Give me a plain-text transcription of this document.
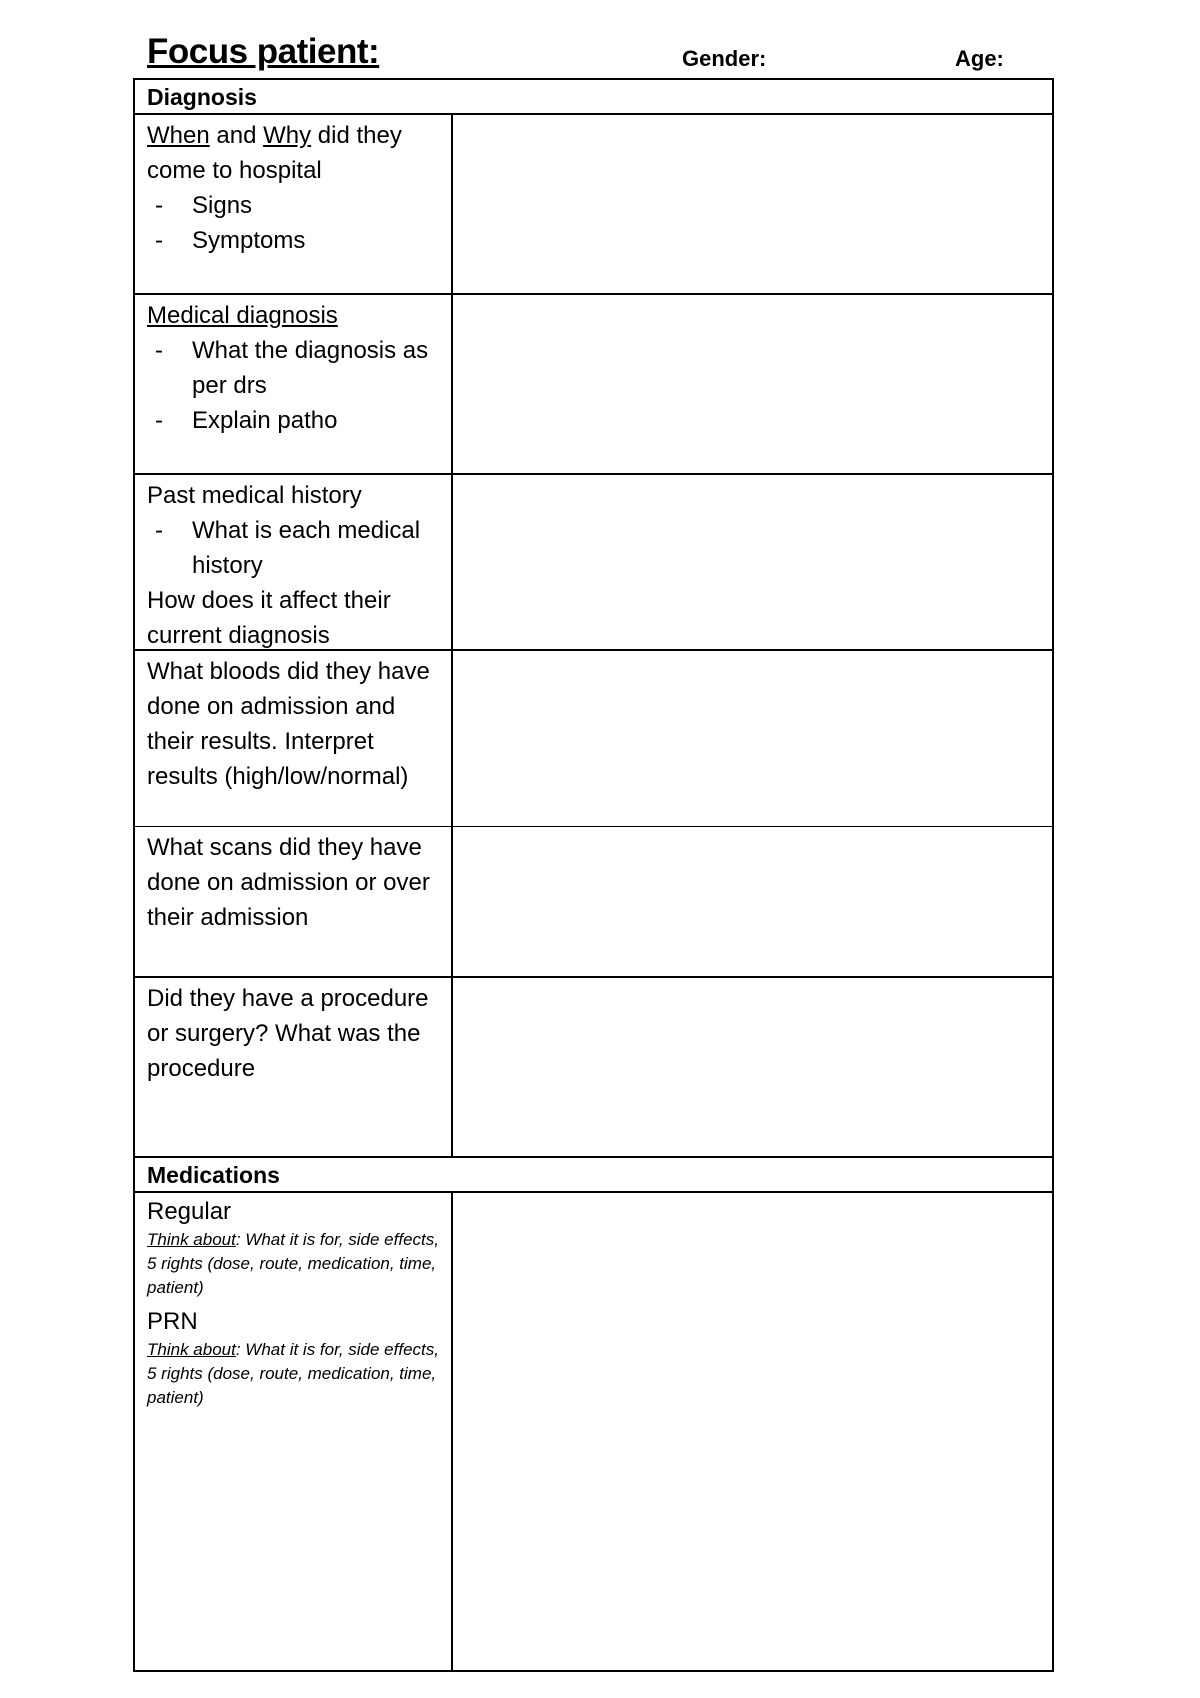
Focus patient:	Gender:	Age:
Diagnosis
When and Why did they
come to hospital
-	Signs
-	Symptoms
Medical diagnosis
-	What the diagnosis as per drs
-	Explain patho
Past medical history
-	What is each medical history
How does it affect their current diagnosis
What bloods did they have done on admission and their results. Interpret results (high/low/normal)
What scans did they have done on admission or over their admission
Did they have a procedure or surgery? What was the procedure
Medications
Regular
Think about: What it is for, side effects, 5 rights (dose, route, medication, time, patient)
PRN
Think about: What it is for, side effects, 5 rights (dose, route, medication, time, patient)
